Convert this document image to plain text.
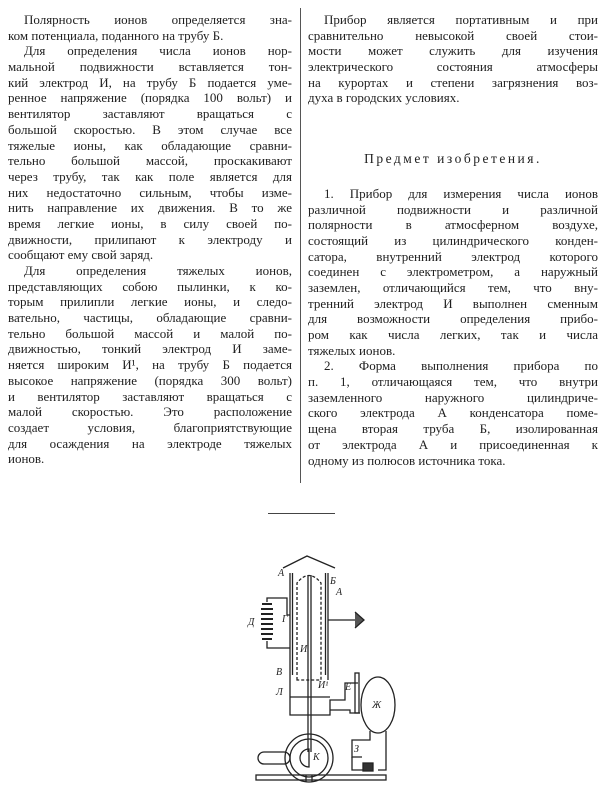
Полярность ионов определяется зна-
ком потенциала, поданного на трубу Б.
Для определения числа ионов нор-
мальной подвижности вставляется тон-
кий электрод И, на трубу Б подается уме-
ренное напряжение (порядка 100 вольт) и
вентилятор заставляют вращаться с
большой скоростью. В этом случае все
тяжелые ионы, как обладающие сравни-
тельно большой массой, проскакивают
через трубу, так как поле является для
них недостаточно сильным, чтобы изме-
нить направление их движения. В то же
время легкие ионы, в силу своей по-
движности, прилипают к электроду и
сообщают ему свой заряд.
Для определения тяжелых ионов,
представляющих собою пылинки, к ко-
торым прилипли легкие ионы, и следо-
вательно, частицы, обладающие сравни-
тельно большой массой и малой по-
движностью, тонкий электрод И заме-
няется широким И¹, на трубу Б подается
высокое напряжение (порядка 300 вольт)
и вентилятор заставляют вращаться с
малой скоростью. Это расположение
создает условия, благоприятствующие
для осаждения на электроде тяжелых
ионов.
Прибор является портативным и при
сравнительно невысокой своей стои-
мости может служить для изучения
электрического состояния атмосферы
на курортах и степени загрязнения воз-
духа в городских условиях.
Предмет изобретения.
1. Прибор для измерения числа ионов
различной подвижности и различной
полярности в атмосферном воздухе,
состоящий из цилиндрического конден-
сатора, внутренний электрод которого
соединен с электрометром, а наружный
заземлен, отличающийся тем, что вну-
тренний электрод И выполнен сменным
для возможности определения прибо-
ром как числа легких, так и числа
тяжелых ионов.
2. Форма выполнения прибора по
п. 1, отличающаяся тем, что внутри
заземленного наружного цилиндриче-
ского электрода А конденсатора поме-
щена вторая труба Б, изолированная
от электрода А и присоединенная к
одному из полюсов источника тока.
А
Б
А
Г
Д
И
В
И¹ Е
Ж
Л
К
З
